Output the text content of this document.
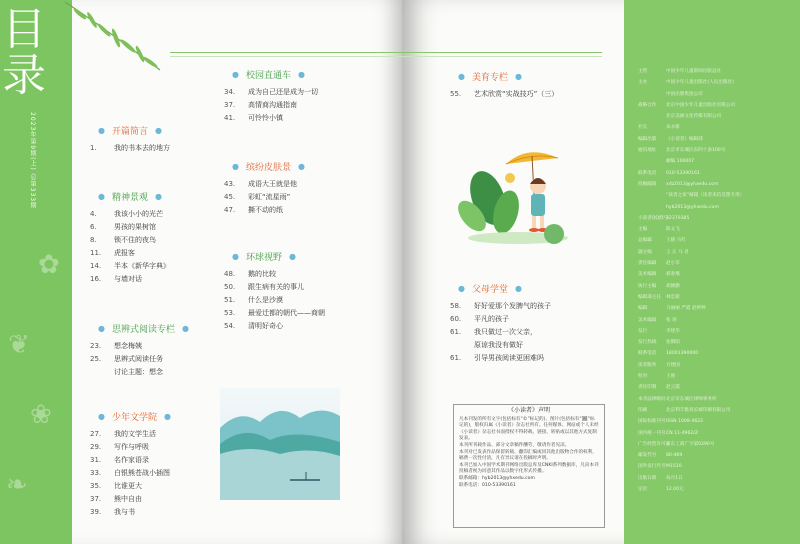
✿
❦
❀
❧
目
录
2023年第9期(上) 总第333期	● 开篇简言 ●
1. 我的书本去的地方
● 精神景观 ●
4. 我该小小的光芒
6. 男孩的果树馆
8. 锁不住的夜鸟
11. 虎报客
14. 半本《新华字典》
16. 与墙对话
● 思辨式阅读专栏 ●
23. 想念梅姨
25. 思辨式阅读任务
讨论主题：想念
● 少年文学院 ●
27. 我的文学生活
29. 写作与呼吸
31. 名作家语录
33. 白银熊苍战小插图
35. 比谁更大
37. 熊中自由
39. 我与书
● 校园直通车 ●
34. 成为自己还是成为一切
37. 高情商沟通指南
41. 可怜怜小镇
● 缤纷皮肤景 ●
43. 成语大王就是他
45. 彩虹“流星雨”
47. 撕不动的纸
● 环球视野 ●
48. 鹅的比较
50. 跟生病有关的事儿
51. 什么是沙漠
53. 最爱迁都的朝代——商朝
54. 清明好奇心
● 美育专栏 ●
55. 艺术欣赏“实战技巧”（三）
● 父母学堂 ●
58. 好好爱那个发脾气的孩子
60. 平凡的孩子
61. 我只做过一次父亲，
原谅我没有做好
61. 引导男孩阅读更困难吗
《小读者》声明

凡本刊发的所有文字(包括标有“©”标记的)、图片(包括标有“🖼”标记的)，版权归属《小读者》杂志社所有。任何媒体、网站或个人未经《小读者》杂志社书面授权不得转载、链接、转贴或以其他方式复制发表。

本刊所刊载作品、部分文章稿件酬劳，敬请作者见凉。

本刊对已发表作品保留转载、翻印汇编或同其他出版物合作的权利，稿费一次性付清，凡有异议请在投稿时声明。

本刊已加入中国学术期刊网络出版总库及CNKI系列数据库，凡向本刊投稿者视为同意其作品以数字化形式传播。

联系邮箱：hyb2013@yhxedu.com

联系电话：010-53390161

主管	中国少年儿童新闻出版总社
主办	中国少年儿童出版社(人民出版社)
中国出版集团公司
战略合作	北京中国少年儿童出版社有限公司
北京美丽文化传媒有限公司
社长	朱永新
编辑出版	《小读者》编辑部
通讯地址	北京市东城区东四十条100号
邮编 100007
联系电话	010-53390161
投稿邮箱	xdz2013@yhxedu.com
“读者之家”邮箱（读者来信反馈专用）
hyb2013@yhxedu.com
小读者QQ群号
32379385
主编	陈文飞
总编辑	王晓 马红
副主编	王 正 马 君
责任编辑	赵小军
美术编辑	郝春燕
执行主编	胡刚勤
编辑部主任	林忠新
编辑	马丽丽 严霞 赵婷婷
美术编辑	张 羽
发行	李建华
发行热线	张朝阳
联系电话	18001390000
读者服务	方建国
校对	王俊
责任印制	赵云霞
本刊法律顾问 北京市东城区律师事务所
印刷	北京利丰雅高长城印刷有限公司
国际标准刊号 ISSN 1008-4622
国内统一刊号 CN 11-4962/Z
广告经营许可证
京东工商广字第0290号
邮发代号	80-469
国外发行代号 M1510
出版日期	每月1日
定价	12.00元
